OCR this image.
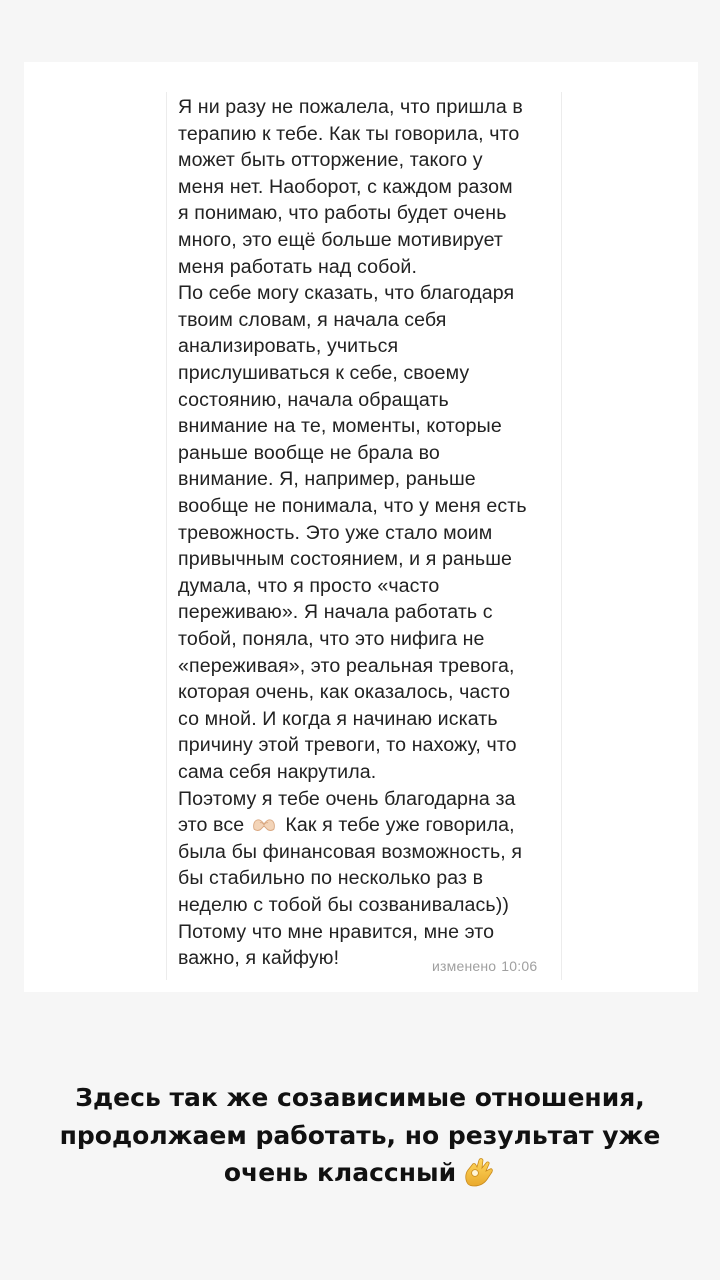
Я ни разу не пожалела, что пришла в
терапию к тебе. Как ты говорила, что
может быть отторжение, такого у
меня нет. Наоборот, с каждом разом
я понимаю, что работы будет очень
много, это ещё больше мотивирует
меня работать над собой.
По себе могу сказать, что благодаря
твоим словам, я начала себя
анализировать, учиться
прислушиваться к себе, своему
состоянию, начала обращать
внимание на те, моменты, которые
раньше вообще не брала во
внимание. Я, например, раньше
вообще не понимала, что у меня есть
тревожность. Это уже стало моим
привычным состоянием, и я раньше
думала, что я просто «часто
переживаю». Я начала работать с
тобой, поняла, что это нифига не
«переживая», это реальная тревога,
которая очень, как оказалось, часто
со мной. И когда я начинаю искать
причину этой тревоги, то нахожу, что
сама себя накрутила.
Поэтому я тебе очень благодарна за
это все Как я тебе уже говорила,
была бы финансовая возможность, я
бы стабильно по несколько раз в
неделю с тобой бы созванивалась))
Потому что мне нравится, мне это
важно, я кайфую!	изменено 10:06
Здесь так же созависимые отношения,
продолжаем работать, но результат уже
очень классный
